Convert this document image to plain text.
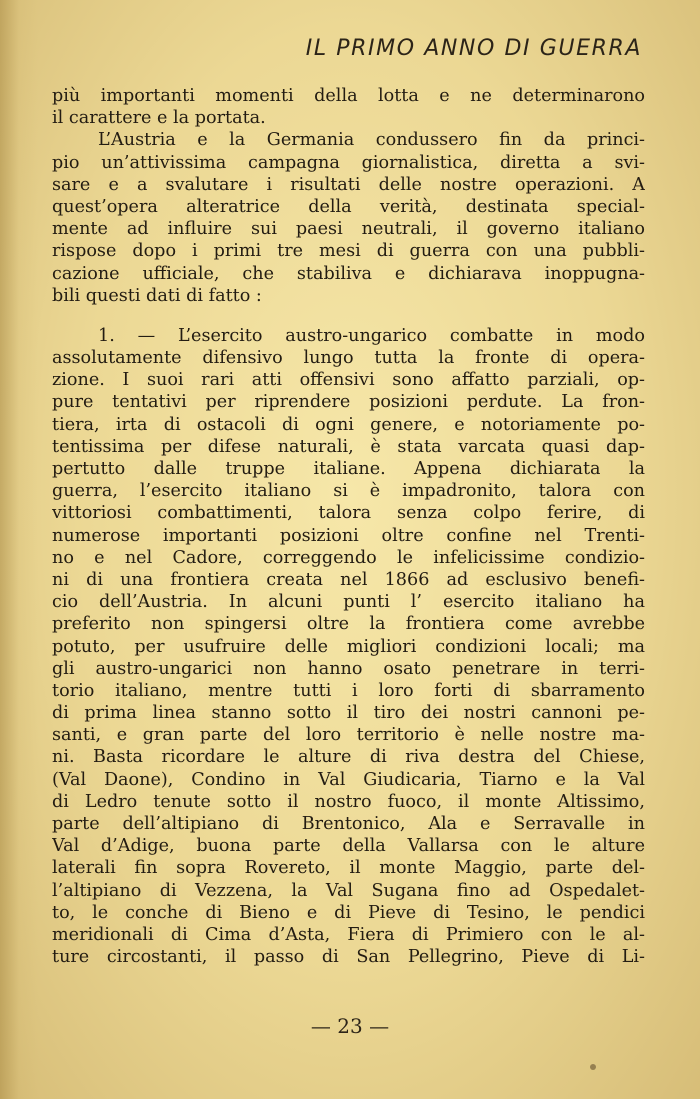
IL PRIMO ANNO DI GUERRA
più importanti momenti della lotta e ne determinarono
il carattere e la portata.
L’Austria e la Germania condussero fin da princi-
pio un’attivissima campagna giornalistica, diretta a svi-
sare e a svalutare i risultati delle nostre operazioni. A
quest’opera alteratrice della verità, destinata special-
mente ad influire sui paesi neutrali, il governo italiano
rispose dopo i primi tre mesi di guerra con una pubbli-
cazione ufficiale, che stabiliva e dichiarava inoppugna-
bili questi dati di fatto :
1. — L’esercito austro-ungarico combatte in modo
assolutamente difensivo lungo tutta la fronte di opera-
zione. I suoi rari atti offensivi sono affatto parziali, op-
pure tentativi per riprendere posizioni perdute. La fron-
tiera, irta di ostacoli di ogni genere, e notoriamente po-
tentissima per difese naturali, è stata varcata quasi dap-
pertutto dalle truppe italiane. Appena dichiarata la
guerra, l’esercito italiano si è impadronito, talora con
vittoriosi combattimenti, talora senza colpo ferire, di
numerose importanti posizioni oltre confine nel Trenti-
no e nel Cadore, correggendo le infelicissime condizio-
ni di una frontiera creata nel 1866 ad esclusivo benefi-
cio dell’Austria. In alcuni punti l’ esercito italiano ha
preferito non spingersi oltre la frontiera come avrebbe
potuto, per usufruire delle migliori condizioni locali; ma
gli austro-ungarici non hanno osato penetrare in terri-
torio italiano, mentre tutti i loro forti di sbarramento
di prima linea stanno sotto il tiro dei nostri cannoni pe-
santi, e gran parte del loro territorio è nelle nostre ma-
ni. Basta ricordare le alture di riva destra del Chiese,
(Val Daone), Condino in Val Giudicaria, Tiarno e la Val
di Ledro tenute sotto il nostro fuoco, il monte Altissimo,
parte dell’altipiano di Brentonico, Ala e Serravalle in
Val d’Adige, buona parte della Vallarsa con le alture
laterali fin sopra Rovereto, il monte Maggio, parte del-
l’altipiano di Vezzena, la Val Sugana fino ad Ospedalet-
to, le conche di Bieno e di Pieve di Tesino, le pendici
meridionali di Cima d’Asta, Fiera di Primiero con le al-
ture circostanti, il passo di San Pellegrino, Pieve di Li-
— 23 —
